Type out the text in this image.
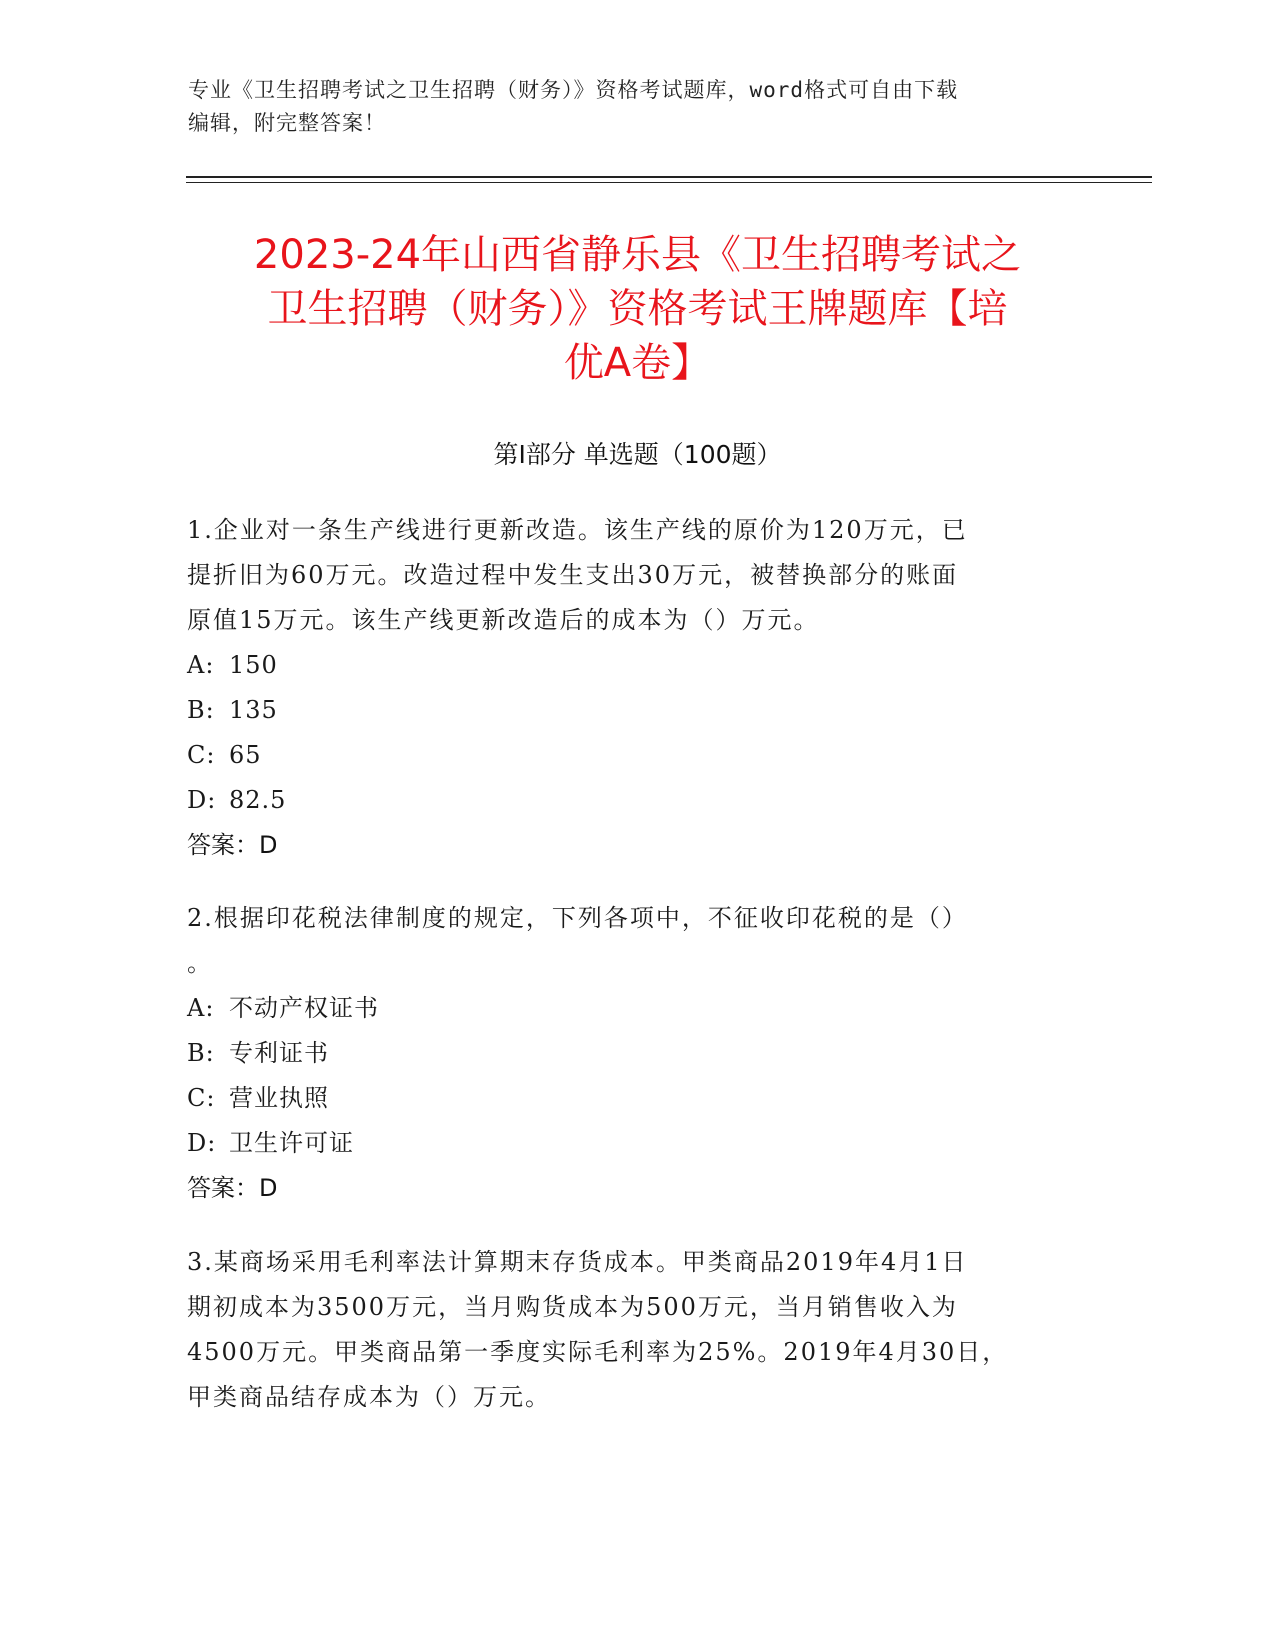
专业《卫生招聘考试之卫生招聘（财务）》资格考试题库，word格式可自由下载
编辑，附完整答案！
2023-24年山西省静乐县《卫生招聘考试之
卫生招聘（财务）》资格考试王牌题库【培
优A卷】
第I部分 单选题（100题）
1.企业对一条生产线进行更新改造。该生产线的原价为120万元，已
提折旧为60万元。改造过程中发生支出30万元，被替换部分的账面
原值15万元。该生产线更新改造后的成本为（）万元。
A: 150
B: 135
C: 65
D: 82.5
答案：D
2.根据印花税法律制度的规定，下列各项中，不征收印花税的是（）
。
A: 不动产权证书
B: 专利证书
C: 营业执照
D: 卫生许可证
答案：D
3.某商场采用毛利率法计算期末存货成本。甲类商品2019年4月1日
期初成本为3500万元，当月购货成本为500万元，当月销售收入为
4500万元。甲类商品第一季度实际毛利率为25%。2019年4月30日，
甲类商品结存成本为（）万元。
